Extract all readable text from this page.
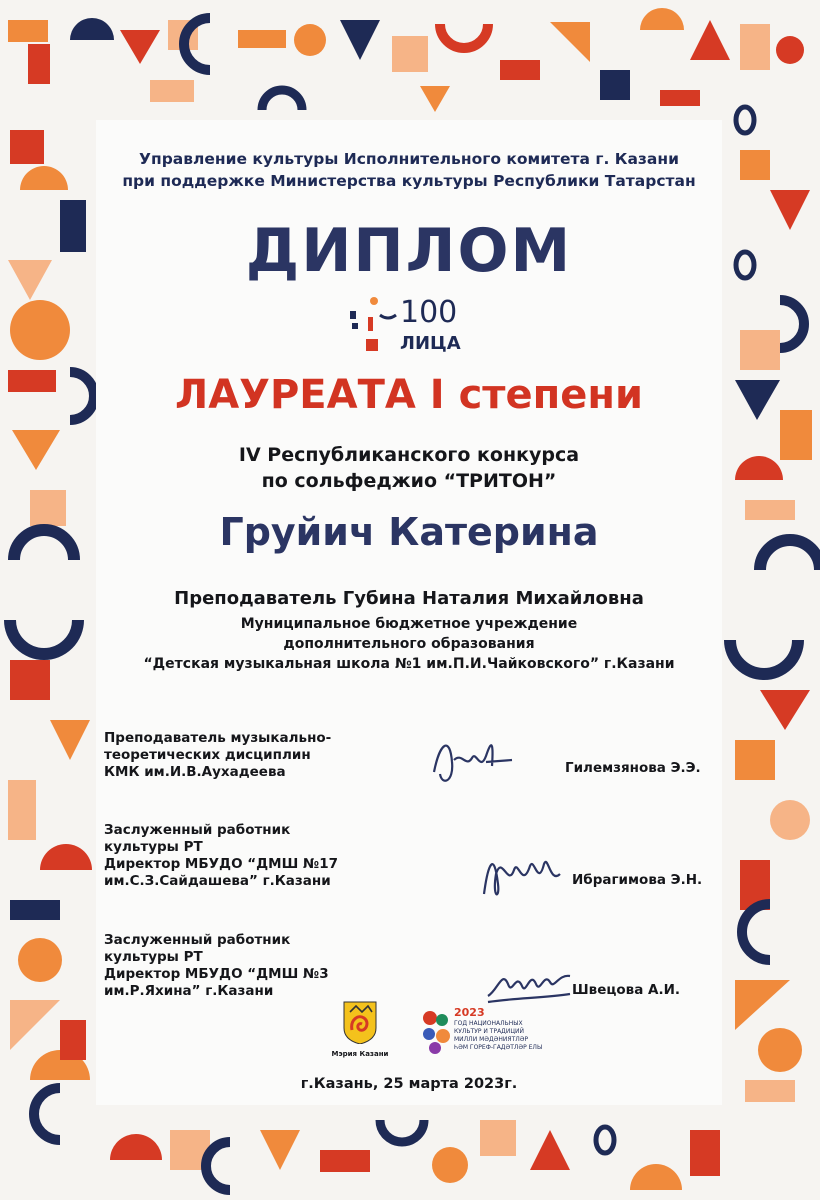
Управление культуры Исполнительного комитета г. Казани
при поддержке Министерства культуры Республики Татарстан
ДИПЛОМ
100
ЛИЦА
ЛАУРЕАТА I степени
IV Республиканского конкурса
по сольфеджио “ТРИТОН”
Груйич Катерина
Преподаватель Губина Наталия Михайловна
Муниципальное бюджетное учреждение
дополнительного образования
“Детская музыкальная школа №1 им.П.И.Чайковского” г.Казани
Преподаватель музыкально-
теоретических дисциплин
КМК им.И.В.Аухадеева	Гилемзянова Э.Э.
Заслуженный работник
культуры РТ
Директор МБУДО “ДМШ №17
им.С.З.Сайдашева” г.Казани	Ибрагимова Э.Н.
Заслуженный работник
культуры РТ
Директор МБУДО “ДМШ №3
им.Р.Яхина” г.Казани	Швецова А.И.
Мэрия Казани
2023
ГОД НАЦИОНАЛЬНЫХ
КУЛЬТУР И ТРАДИЦИЙ
МИЛЛИ МӘДӘНИЯТЛӘР
ҺӘМ ГОРЕФ-ГАДӘТЛӘР ЕЛЫ
г.Казань, 25 марта 2023г.
